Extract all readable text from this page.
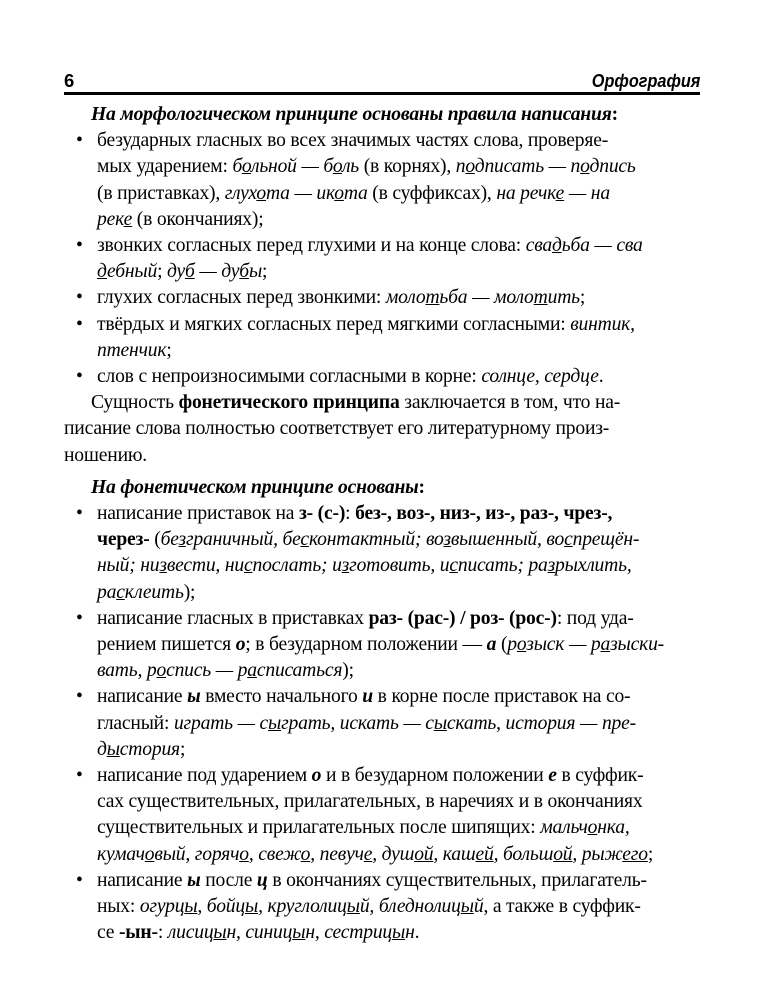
6	Орфография
На морфологическом принципе основаны правила написания:
• безударных гласных во всех значимых частях слова, проверяе-
мых ударением: больной — боль (в корнях), подписать — подпись
(в приставках), глухота — икота (в суффиксах), на речке — на
реке (в окончаниях);
• звонких согласных перед глухими и на конце слова: свадьба — сва
дебный; дуб — дубы;
• глухих согласных перед звонкими: молотьба — молотить;
• твёрдых и мягких согласных перед мягкими согласными: винтик,
птенчик;
• слов с непроизносимыми согласными в корне: солнце, сердце.
Сущность фонетического принципа заключается в том, что на-
писание слова полностью соответствует его литературному произ-
ношению.
На фонетическом принципе основаны:
• написание приставок на з- (с-): без-, воз-, низ-, из-, раз-, чрез-,
через- (безграничный, бесконтактный; возвышенный, воспрещён-
ный; низвести, ниспослать; изготовить, исписать; разрыхлить,
расклеить);
• написание гласных в приставках раз- (рас-) / роз- (рос-): под уда-
рением пишется о; в безударном положении — а (розыск — разыски-
вать, роспись — расписаться);
• написание ы вместо начального и в корне после приставок на со-
гласный: играть — сыграть, искать — сыскать, история — пре-
дыстория;
• написание под ударением о и в безударном положении е в суффик-
сах существительных, прилагательных, в наречиях и в окончаниях
существительных и прилагательных после шипящих: мальчонка,
кумачовый, горячо, свежо, певуче, душой, кашей, большой, рыжего;
• написание ы после ц в окончаниях существительных, прилагатель-
ных: огурцы, бойцы, круглолицый, бледнолицый, а также в суффик-
се -ын-: лисицын, синицын, сестрицын.
